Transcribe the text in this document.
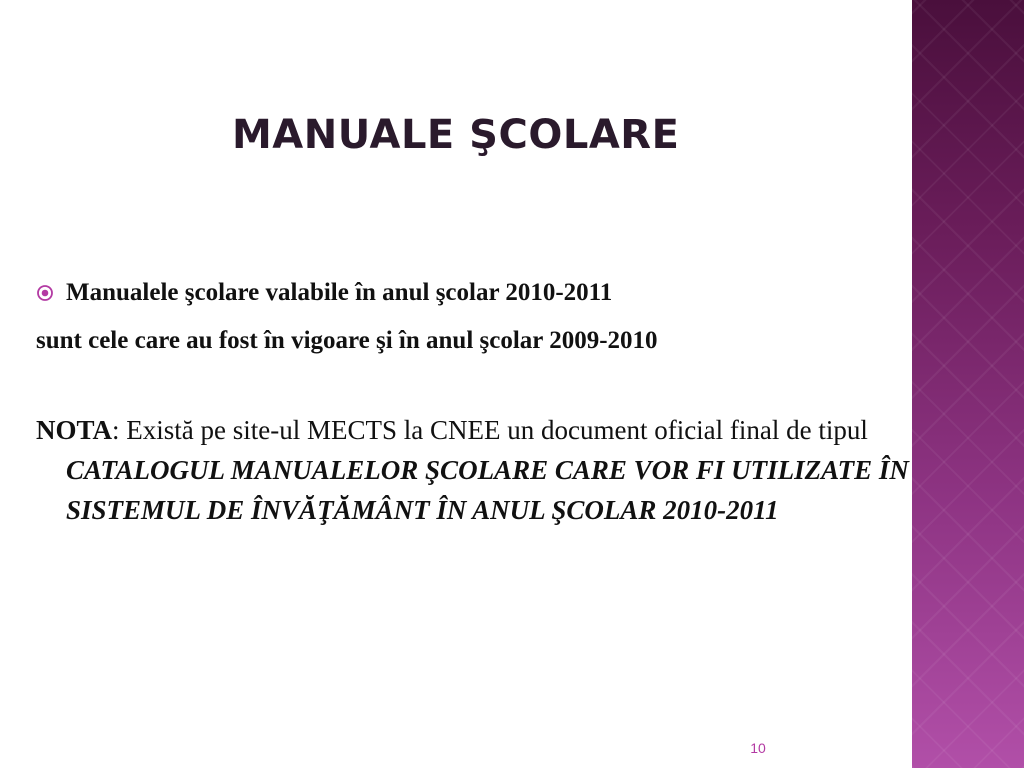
MANUALE ŞCOLARE
Manualele şcolare valabile în anul şcolar 2010-2011
sunt cele care au fost în vigoare şi în anul şcolar 2009-2010
NOTA: Există pe site-ul MECTS la CNEE un document oficial final de tipul CATALOGUL MANUALELOR ŞCOLARE CARE VOR FI UTILIZATE ÎN SISTEMUL DE ÎNVĂŢĂMÂNT ÎN ANUL ŞCOLAR 2010-2011
10
